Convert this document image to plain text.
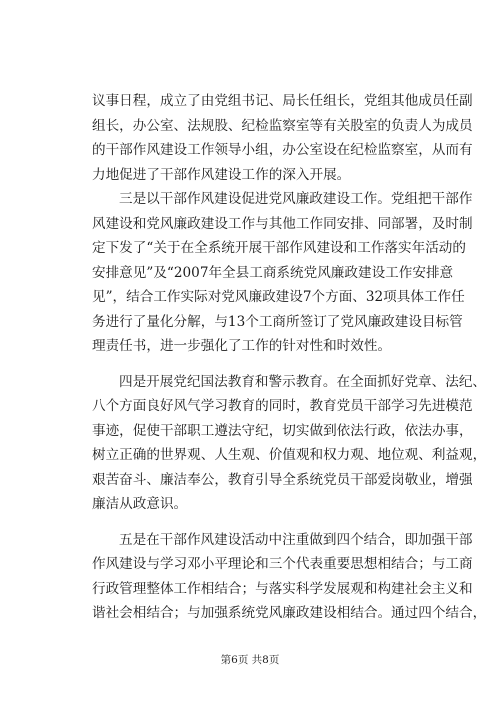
议事日程，成立了由党组书记、局长任组长，党组其他成员任副
组长，办公室、法规股、纪检监察室等有关股室的负责人为成员
的干部作风建设工作领导小组，办公室设在纪检监察室，从而有
力地促进了干部作风建设工作的深入开展。
三是以干部作风建设促进党风廉政建设工作。党组把干部作
风建设和党风廉政建设工作与其他工作同安排、同部署，及时制
定下发了“关于在全系统开展干部作风建设和工作落实年活动的
安排意见”及“2007年全县工商系统党风廉政建设工作安排意
见”，结合工作实际对党风廉政建设7个方面、32项具体工作任
务进行了量化分解，与13个工商所签订了党风廉政建设目标管
理责任书，进一步强化了工作的针对性和时效性。
四是开展党纪国法教育和警示教育。在全面抓好党章、法纪、
八个方面良好风气学习教育的同时，教育党员干部学习先进模范
事迹，促使干部职工遵法守纪，切实做到依法行政，依法办事，
树立正确的世界观、人生观、价值观和权力观、地位观、利益观，
艰苦奋斗、廉洁奉公，教育引导全系统党员干部爱岗敬业，增强
廉洁从政意识。
五是在干部作风建设活动中注重做到四个结合，即加强干部
作风建设与学习邓小平理论和三个代表重要思想相结合；与工商
行政管理整体工作相结合；与落实科学发展观和构建社会主义和
谐社会相结合；与加强系统党风廉政建设相结合。通过四个结合，
第6页 共8页
